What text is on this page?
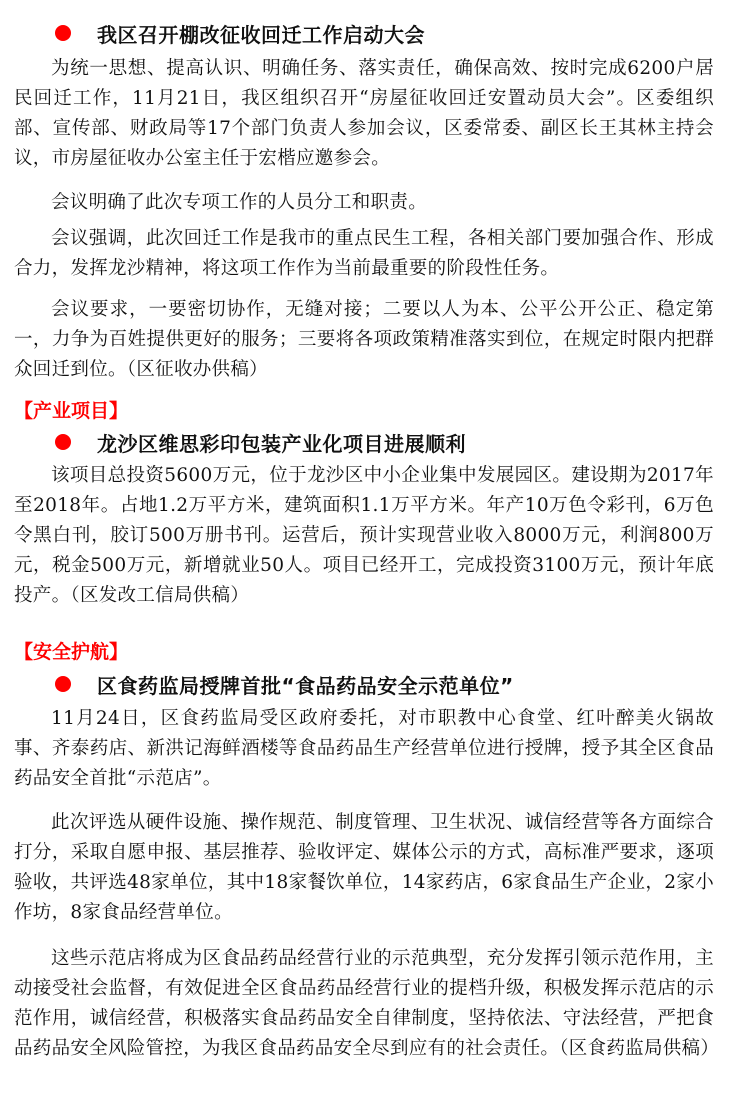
我区召开棚改征收回迁工作启动大会

为统一思想、提高认识、明确任务、落实责任，确保高效、按时完成6200户居民回迁工作，11月21日，我区组织召开“房屋征收回迁安置动员大会”。区委组织部、宣传部、财政局等17个部门负责人参加会议，区委常委、副区长王其林主持会议，市房屋征收办公室主任于宏楷应邀参会。

会议明确了此次专项工作的人员分工和职责。

会议强调，此次回迁工作是我市的重点民生工程，各相关部门要加强合作、形成合力，发挥龙沙精神，将这项工作作为当前最重要的阶段性任务。

会议要求，一要密切协作，无缝对接；二要以人为本、公平公开公正、稳定第一，力争为百姓提供更好的服务；三要将各项政策精准落实到位，在规定时限内把群众回迁到位。（区征收办供稿）

【产业项目】
龙沙区维思彩印包装产业化项目进展顺利

该项目总投资5600万元，位于龙沙区中小企业集中发展园区。建设期为2017年至2018年。占地1.2万平方米，建筑面积1.1万平方米。年产10万色令彩刊，6万色令黑白刊，胶订500万册书刊。运营后，预计实现营业收入8000万元，利润800万元，税金500万元，新增就业50人。项目已经开工，完成投资3100万元，预计年底投产。（区发改工信局供稿）

【安全护航】
区食药监局授牌首批“食品药品安全示范单位”

11月24日，区食药监局受区政府委托，对市职教中心食堂、红叶醉美火锅故事、齐泰药店、新洪记海鲜酒楼等食品药品生产经营单位进行授牌，授予其全区食品药品安全首批“示范店”。

此次评选从硬件设施、操作规范、制度管理、卫生状况、诚信经营等各方面综合打分，采取自愿申报、基层推荐、验收评定、媒体公示的方式，高标准严要求，逐项验收，共评选48家单位，其中18家餐饮单位，14家药店，6家食品生产企业，2家小作坊，8家食品经营单位。

这些示范店将成为区食品药品经营行业的示范典型，充分发挥引领示范作用，主动接受社会监督，有效促进全区食品药品经营行业的提档升级，积极发挥示范店的示范作用，诚信经营，积极落实食品药品安全自律制度，坚持依法、守法经营，严把食品药品安全风险管控，为我区食品药品安全尽到应有的社会责任。（区食药监局供稿）
